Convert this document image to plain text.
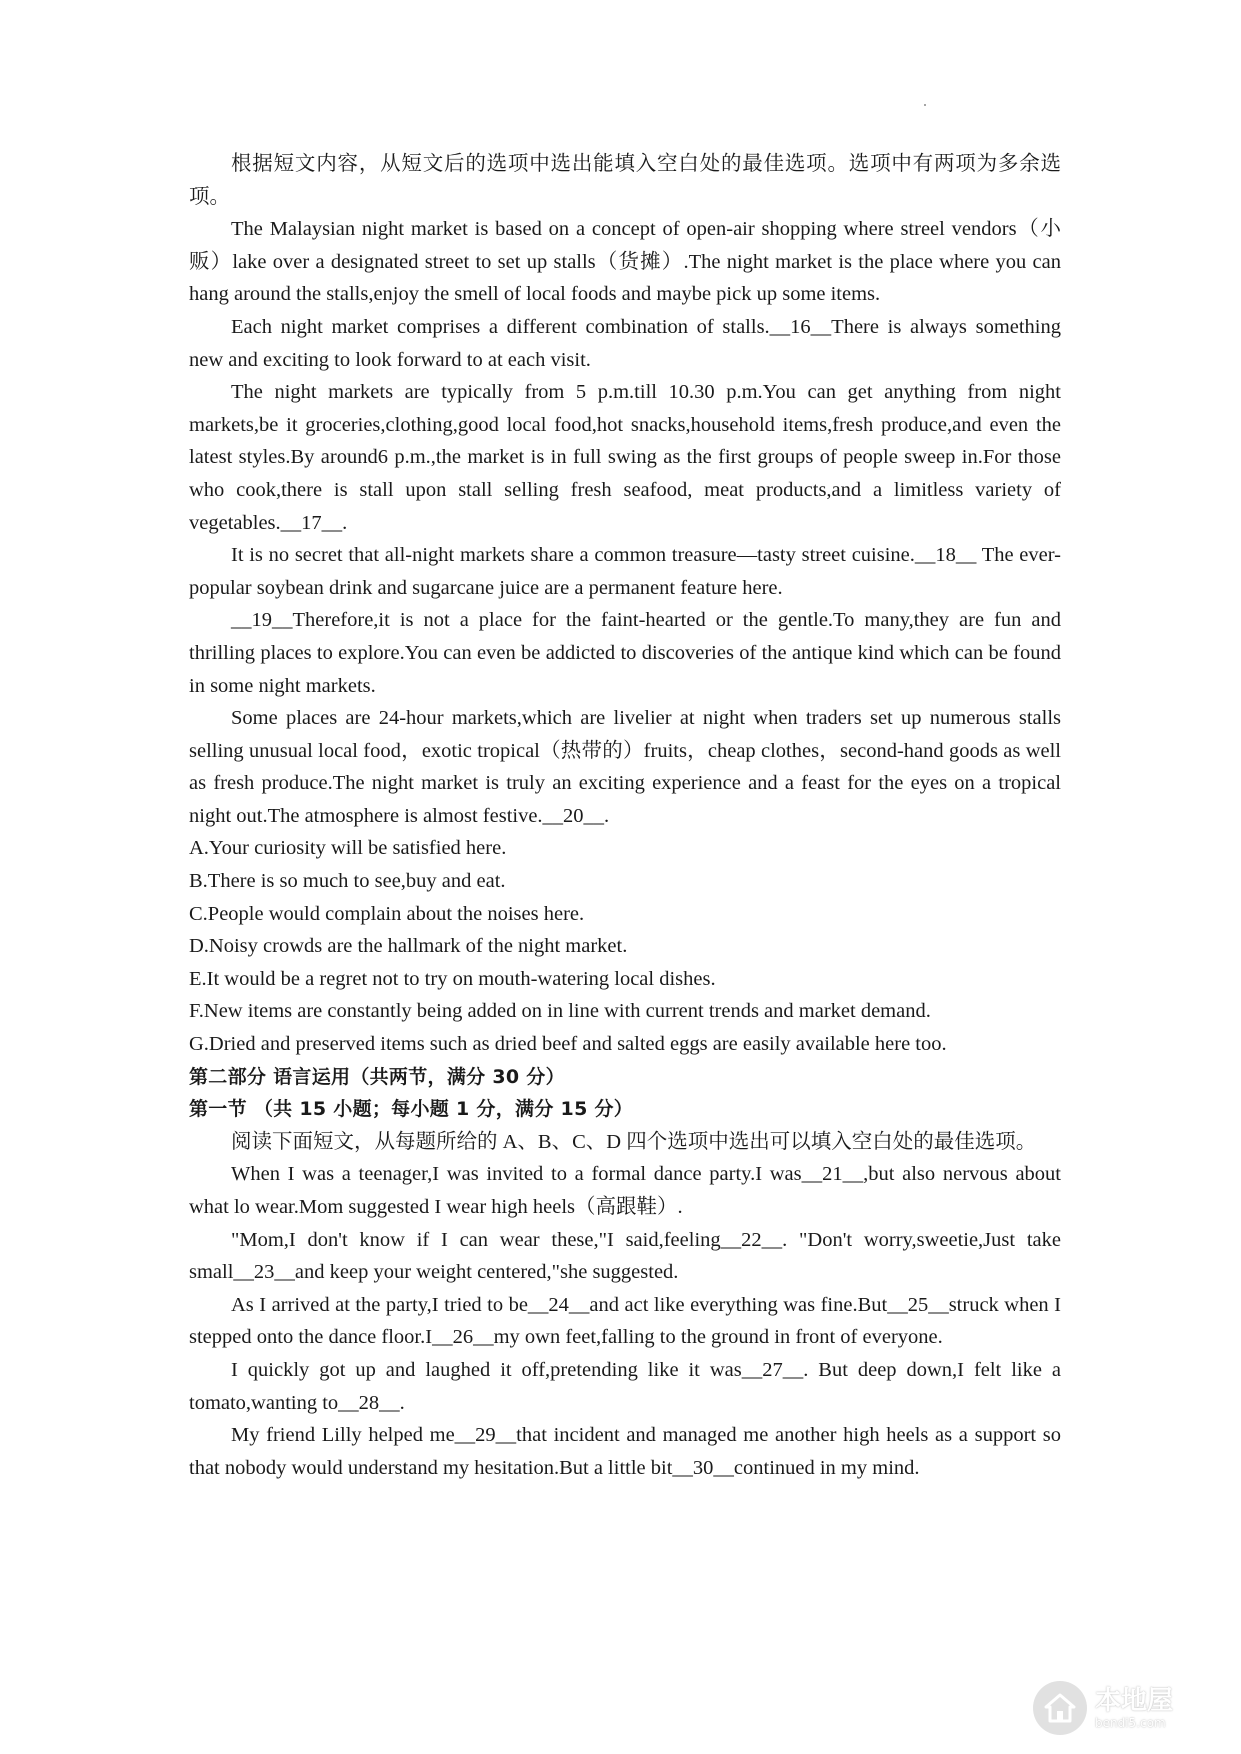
根据短文内容，从短文后的选项中选出能填入空白处的最佳选项。选项中有两项为多余选项。

The Malaysian night market is based on a concept of open-air shopping where streel vendors（小贩）lake over a designated street to set up stalls（货摊）.The night market is the place where you can hang around the stalls,enjoy the smell of local foods and maybe pick up some items.

Each night market comprises a different combination of stalls.__16__There is always something new and exciting to look forward to at each visit.

The night markets are typically from 5 p.m.till 10.30 p.m.You can get anything from night markets,be it groceries,clothing,good local food,hot snacks,household items,fresh produce,and even the latest styles.By around6 p.m.,the market is in full swing as the first groups of people sweep in.For those who cook,there is stall upon stall selling fresh seafood, meat products,and a limitless variety of vegetables.__17__.

It is no secret that all-night markets share a common treasure—tasty street cuisine.__18__ The ever-popular soybean drink and sugarcane juice are a permanent feature here.

__19__Therefore,it is not a place for the faint-hearted or the gentle.To many,they are fun and thrilling places to explore.You can even be addicted to discoveries of the antique kind which can be found in some night markets.

Some places are 24-hour markets,which are livelier at night when traders set up numerous stalls selling unusual local food，exotic tropical（热带的）fruits，cheap clothes，second-hand goods as well as fresh produce.The night market is truly an exciting experience and a feast for the eyes on a tropical night out.The atmosphere is almost festive.__20__.

A.Your curiosity will be satisfied here.

B.There is so much to see,buy and eat.

C.People would complain about the noises here.

D.Noisy crowds are the hallmark of the night market.

E.It would be a regret not to try on mouth-watering local dishes.

F.New items are constantly being added on in line with current trends and market demand.

G.Dried and preserved items such as dried beef and salted eggs are easily available here too.

第二部分 语言运用（共两节，满分 30 分）

第一节 （共 15 小题；每小题 1 分，满分 15 分）

阅读下面短文，从每题所给的 A、B、C、D 四个选项中选出可以填入空白处的最佳选项。

When I was a teenager,I was invited to a formal dance party.I was__21__,but also nervous about what lo wear.Mom suggested I wear high heels（高跟鞋）.

"Mom,I don't know if I can wear these,"I said,feeling__22__. "Don't worry,sweetie,Just take small__23__and keep your weight centered,"she suggested.

As I arrived at the party,I tried to be__24__and act like everything was fine.But__25__struck when I stepped onto the dance floor.I__26__my own feet,falling to the ground in front of everyone.

I quickly got up and laughed it off,pretending like it was__27__. But deep down,I felt like a tomato,wanting to__28__.

My friend Lilly helped me__29__that incident and managed me another high heels as a support so that nobody would understand my hesitation.But a little bit__30__continued in my mind.

本地屋
bendi5.com
